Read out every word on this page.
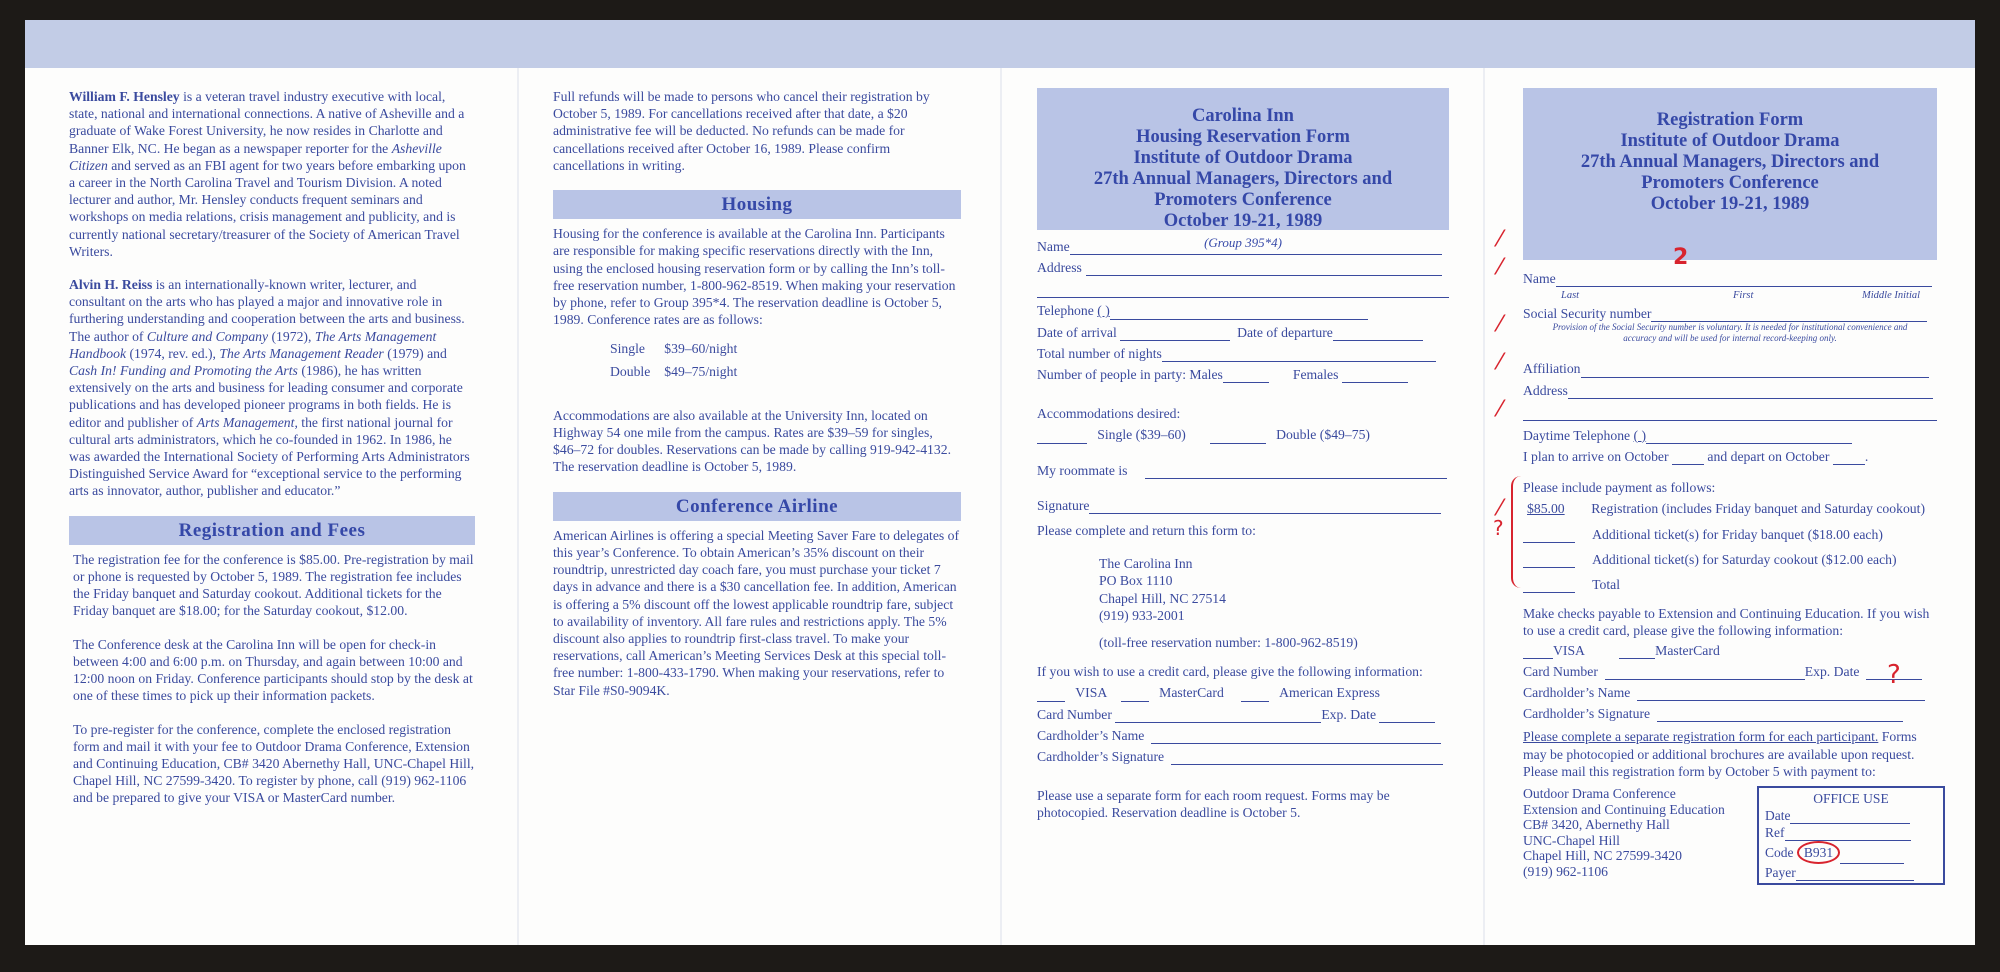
William F. Hensley is a veteran travel industry executive with local, state, national and international connections. A native of Asheville and a graduate of Wake Forest University, he now resides in Charlotte and Banner Elk, NC. He began as a newspaper reporter for the Asheville Citizen and served as an FBI agent for two years before embarking upon a career in the North Carolina Travel and Tourism Division. A noted lecturer and author, Mr. Hensley conducts frequent seminars and workshops on media relations, crisis management and publicity, and is currently national secretary/treasurer of the Society of American Travel Writers.

Alvin H. Reiss is an internationally-known writer, lecturer, and consultant on the arts who has played a major and innovative role in furthering understanding and cooperation between the arts and business. The author of Culture and Company (1972), The Arts Management Handbook (1974, rev. ed.), The Arts Management Reader (1979) and Cash In! Funding and Promoting the Arts (1986), he has written extensively on the arts and business for leading consumer and corporate publications and has developed pioneer programs in both fields. He is editor and publisher of Arts Management, the first national journal for cultural arts administrators, which he co-founded in 1962. In 1986, he was awarded the International Society of Performing Arts Administrators Distinguished Service Award for “exceptional service to the performing arts as innovator, author, publisher and educator.”

Registration and Fees

The registration fee for the conference is $85.00. Pre-registration by mail or phone is requested by October 5, 1989. The registration fee includes the Friday banquet and Saturday cookout. Additional tickets for the Friday banquet are $18.00; for the Saturday cookout, $12.00.

The Conference desk at the Carolina Inn will be open for check-in between 4:00 and 6:00 p.m. on Thursday, and again between 10:00 and 12:00 noon on Friday. Conference participants should stop by the desk at one of these times to pick up their information packets.

To pre-register for the conference, complete the enclosed registration form and mail it with your fee to Outdoor Drama Conference, Extension and Continuing Education, CB# 3420 Abernethy Hall, UNC-Chapel Hill, Chapel Hill, NC 27599-3420. To register by phone, call (919) 962-1106 and be prepared to give your VISA or MasterCard number.

Full refunds will be made to persons who cancel their registration by October 5, 1989. For cancellations received after that date, a $20 administrative fee will be deducted. No refunds can be made for cancellations received after October 16, 1989. Please confirm cancellations in writing.

Housing

Housing for the conference is available at the Carolina Inn. Participants are responsible for making specific reservations directly with the Inn, using the enclosed housing reservation form or by calling the Inn’s toll-free reservation number, 1-800-962-8519. When making your reservation by phone, refer to Group 395*4. The reservation deadline is October 5, 1989. Conference rates are as follows:

Single	$39–60/night
Double	$49–75/night

Accommodations are also available at the University Inn, located on Highway 54 one mile from the campus. Rates are $39–59 for singles, $46–72 for doubles. Reservations can be made by calling 919-942-4132. The reservation deadline is October 5, 1989.

Conference Airline

American Airlines is offering a special Meeting Saver Fare to delegates of this year’s Conference. To obtain American’s 35% discount on their roundtrip, unrestricted day coach fare, you must purchase your ticket 7 days in advance and there is a $30 cancellation fee. In addition, American is offering a 5% discount off the lowest applicable roundtrip fare, subject to availability of inventory. All fare rules and restrictions apply. The 5% discount also applies to roundtrip first-class travel. To make your reservations, call American’s Meeting Services Desk at this special toll-free number: 1-800-433-1790. When making your reservations, refer to Star File #S0-9094K.

Carolina Inn
Housing Reservation Form
Institute of Outdoor Drama
27th Annual Managers, Directors and
Promoters Conference
October 19-21, 1989
(Group 395*4)
Name
Address
Telephone ( )
Date of arrival	Date of departure
Total number of nights
Number of people in party: Males	Females
Accommodations desired:
Single ($39–60)	Double ($49–75)
My roommate is
Signature
Please complete and return this form to:
The Carolina Inn
PO Box 1110
Chapel Hill, NC 27514
(919) 933-2001
(toll-free reservation number: 1-800-962-8519)
If you wish to use a credit card, please give the following information:
VISA	MasterCard	American Express
Card Number	Exp. Date
Cardholder’s Name
Cardholder’s Signature

Please use a separate form for each room request. Forms may be photocopied. Reservation deadline is October 5.

Registration Form
Institute of Outdoor Drama
27th Annual Managers, Directors and
Promoters Conference
October 19-21, 1989
Name
Last	First	Middle Initial
Social Security number

Provision of the Social Security number is voluntary. It is needed for institutional convenience and accuracy and will be used for internal record-keeping only.

Affiliation
Address
Daytime Telephone ( )
I plan to arrive on October	and depart on October	.
Please include payment as follows:
$85.00 Registration (includes Friday banquet and Saturday cookout)
Additional ticket(s) for Friday banquet ($18.00 each)
Additional ticket(s) for Saturday cookout ($12.00 each)
Total

Make checks payable to Extension and Continuing Education. If you wish to use a credit card, please give the following information:

VISA	MasterCard
Card Number	Exp. Date
Cardholder’s Name
Cardholder’s Signature

Please complete a separate registration form for each participant. Forms may be photocopied or additional brochures are available upon request. Please mail this registration form by October 5 with payment to:

Outdoor Drama Conference
Extension and Continuing Education
CB# 3420, Abernethy Hall
UNC-Chapel Hill
Chapel Hill, NC 27599-3420
(919) 962-1106
OFFICE USE
Date
Ref
Code B931
Payer
⁄
⁄	2
⁄
⁄
⁄
⁄
?
?
